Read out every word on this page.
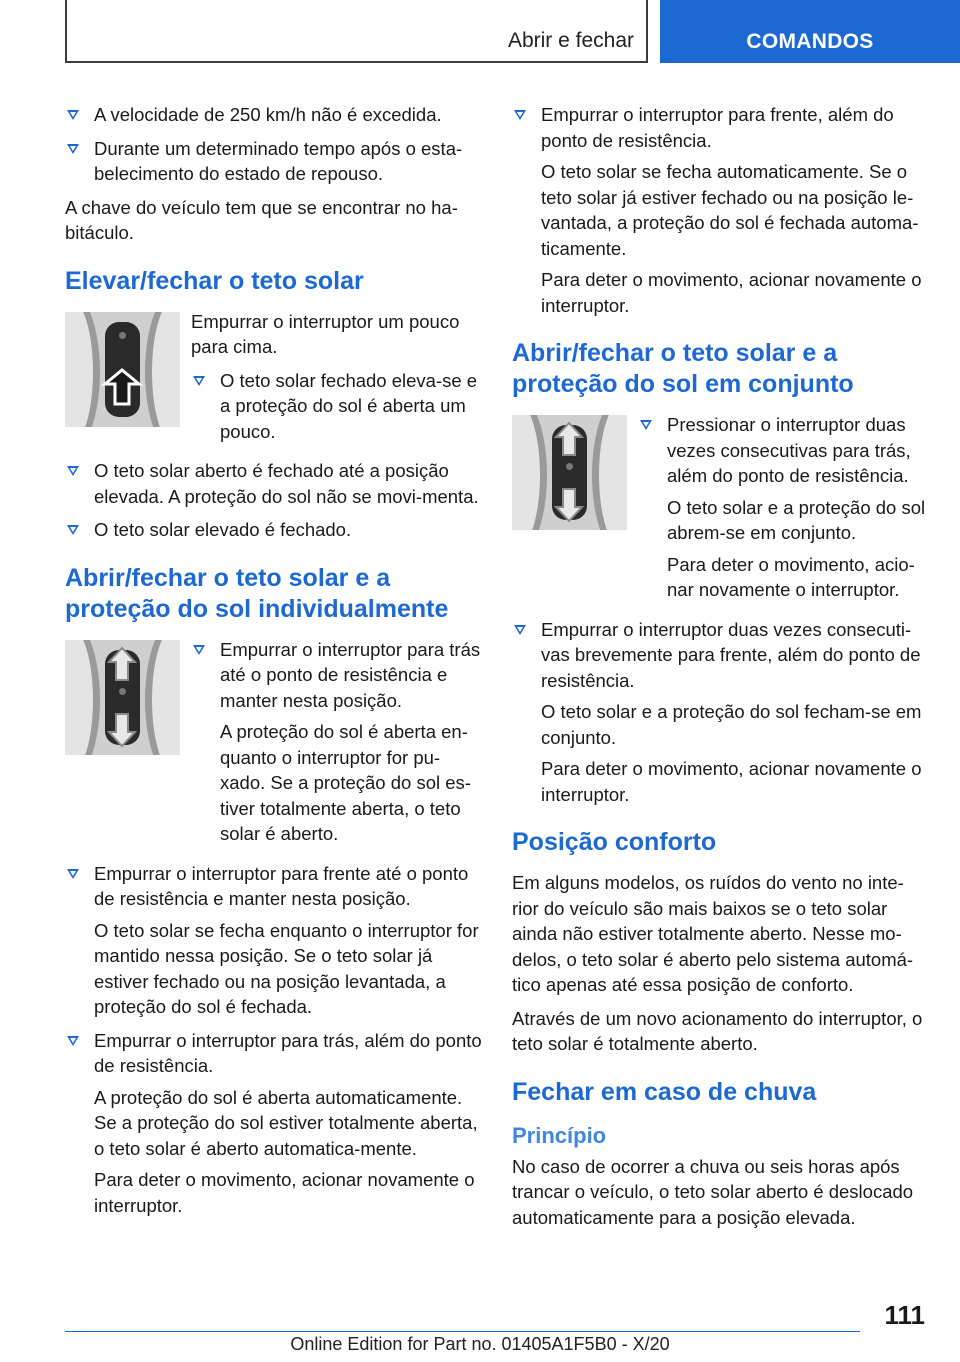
Abrir e fechar	COMANDOS

A velocidade de 250 km/h não é excedida.

Durante um determinado tempo após o esta-belecimento do estado de repouso.

A chave do veículo tem que se encontrar no ha-bitáculo.

Elevar/fechar o teto solar

Empurrar o interruptor um pouco para cima.

O teto solar fechado eleva-se e a proteção do sol é aberta um pouco.

O teto solar aberto é fechado até a posição elevada. A proteção do sol não se movi-menta.

O teto solar elevado é fechado.

Abrir/fechar o teto solar e a proteção do sol individualmente

Empurrar o interruptor para trás até o ponto de resistência e manter nesta posição.

A proteção do sol é aberta en-quanto o interruptor for pu-xado. Se a proteção do sol es-tiver totalmente aberta, o teto solar é aberto.

Empurrar o interruptor para frente até o ponto de resistência e manter nesta posição.

O teto solar se fecha enquanto o interruptor for mantido nessa posição. Se o teto solar já estiver fechado ou na posição levantada, a proteção do sol é fechada.

Empurrar o interruptor para trás, além do ponto de resistência.

A proteção do sol é aberta automaticamente. Se a proteção do sol estiver totalmente aberta, o teto solar é aberto automatica-mente.

Para deter o movimento, acionar novamente o interruptor.

Empurrar o interruptor para frente, além do ponto de resistência.

O teto solar se fecha automaticamente. Se o teto solar já estiver fechado ou na posição le-vantada, a proteção do sol é fechada automa-ticamente.

Para deter o movimento, acionar novamente o interruptor.

Abrir/fechar o teto solar e a proteção do sol em conjunto

Pressionar o interruptor duas vezes consecutivas para trás, além do ponto de resistência.

O teto solar e a proteção do sol abrem-se em conjunto.

Para deter o movimento, acio-nar novamente o interruptor.

Empurrar o interruptor duas vezes consecuti-vas brevemente para frente, além do ponto de resistência.

O teto solar e a proteção do sol fecham-se em conjunto.

Para deter o movimento, acionar novamente o interruptor.

Posição conforto

Em alguns modelos, os ruídos do vento no inte-rior do veículo são mais baixos se o teto solar ainda não estiver totalmente aberto. Nesse mo-delos, o teto solar é aberto pelo sistema automá-tico apenas até essa posição de conforto.

Através de um novo acionamento do interruptor, o teto solar é totalmente aberto.

Fechar em caso de chuva
Princípio

No caso de ocorrer a chuva ou seis horas após trancar o veículo, o teto solar aberto é deslocado automaticamente para a posição elevada.

111
Online Edition for Part no. 01405A1F5B0 - X/20
